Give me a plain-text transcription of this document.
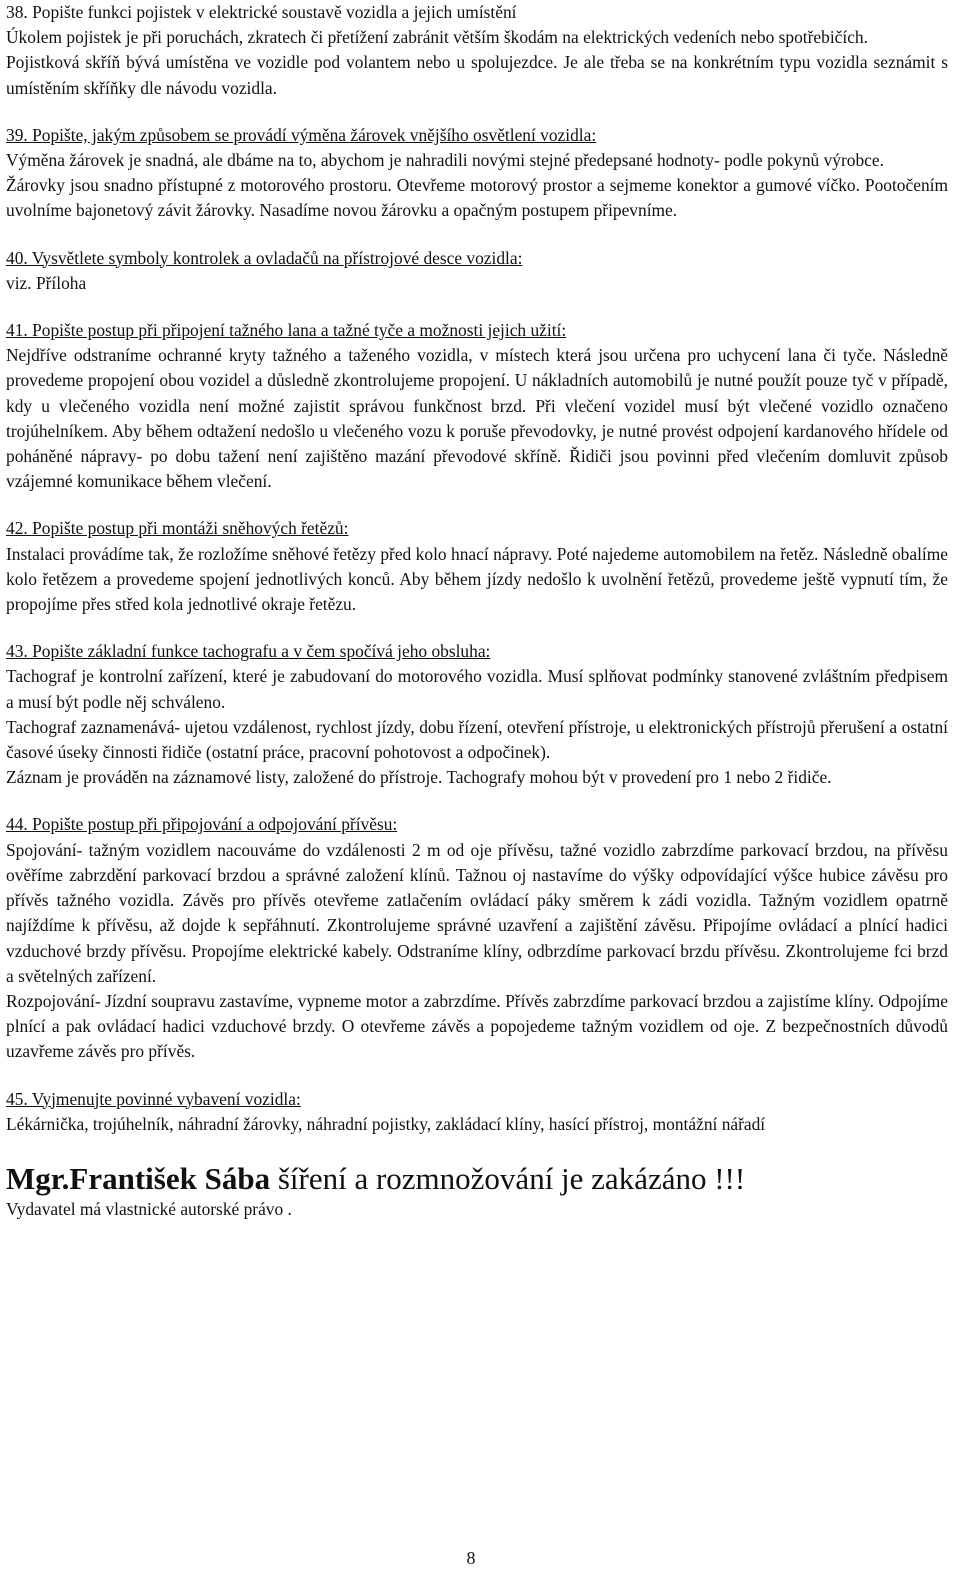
38. Popište funkci pojistek v elektrické soustavě vozidla a jejich umístění

Úkolem pojistek je při poruchách, zkratech či přetížení zabránit větším škodám na elektrických vedeních nebo spotřebičích.

Pojistková skříň bývá umístěna ve vozidle pod volantem nebo u spolujezdce. Je ale třeba se na konkrétním typu vozidla seznámit s umístěním skříňky dle návodu vozidla.

39. Popište, jakým způsobem se provádí výměna žárovek vnějšího osvětlení vozidla:

Výměna žárovek je snadná, ale dbáme na to, abychom je nahradili novými stejné předepsané hodnoty- podle pokynů výrobce.

Žárovky jsou snadno přístupné z motorového prostoru. Otevřeme motorový prostor a sejmeme konektor a gumové víčko. Pootočením uvolníme bajonetový závit žárovky. Nasadíme novou žárovku a opačným postupem připevníme.

40. Vysvětlete symboly kontrolek a ovladačů na přístrojové desce vozidla:

viz. Příloha

41. Popište postup při připojení tažného lana a tažné tyče a možnosti jejich užití:

Nejdříve odstraníme ochranné kryty tažného a taženého vozidla, v místech která jsou určena pro uchycení lana či tyče. Následně provedeme propojení obou vozidel a důsledně zkontrolujeme propojení. U nákladních automobilů je nutné použít pouze tyč v případě, kdy u vlečeného vozidla není možné zajistit správou funkčnost brzd. Při vlečení vozidel musí být vlečené vozidlo označeno trojúhelníkem. Aby během odtažení nedošlo u vlečeného vozu k poruše převodovky, je nutné provést odpojení kardanového hřídele od poháněné nápravy- po dobu tažení není zajištěno mazání převodové skříně. Řidiči jsou povinni před vlečením domluvit způsob vzájemné komunikace během vlečení.

42. Popište postup při montáži sněhových řetězů:

Instalaci provádíme tak, že rozložíme sněhové řetězy před kolo hnací nápravy. Poté najedeme automobilem na řetěz. Následně obalíme kolo řetězem a provedeme spojení jednotlivých konců. Aby během jízdy nedošlo k uvolnění řetězů, provedeme ještě vypnutí tím, že propojíme přes střed kola jednotlivé okraje řetězu.

43. Popište základní funkce tachografu a v čem spočívá jeho obsluha:

Tachograf je kontrolní zařízení, které je zabudovaní do motorového vozidla. Musí splňovat podmínky stanovené zvláštním předpisem a musí být podle něj schváleno.

Tachograf zaznamenává- ujetou vzdálenost, rychlost jízdy, dobu řízení, otevření přístroje, u elektronických přístrojů přerušení a ostatní časové úseky činnosti řidiče (ostatní práce, pracovní pohotovost a odpočinek).

Záznam je prováděn na záznamové listy, založené do přístroje. Tachografy mohou být v provedení pro 1 nebo 2 řidiče.

44. Popište postup při připojování a odpojování přívěsu:

Spojování- tažným vozidlem nacouváme do vzdálenosti 2 m od oje přívěsu, tažné vozidlo zabrzdíme parkovací brzdou, na přívěsu ověříme zabrzdění parkovací brzdou a správné založení klínů. Tažnou oj nastavíme do výšky odpovídající výšce hubice závěsu pro přívěs tažného vozidla. Závěs pro přívěs otevřeme zatlačením ovládací páky směrem k zádi vozidla. Tažným vozidlem opatrně najíždíme k přívěsu, až dojde k sepřáhnutí. Zkontrolujeme správné uzavření a zajištění závěsu. Připojíme ovládací a plnící hadici vzduchové brzdy přívěsu. Propojíme elektrické kabely. Odstraníme klíny, odbrzdíme parkovací brzdu přívěsu. Zkontrolujeme fci brzd a světelných zařízení.

Rozpojování- Jízdní soupravu zastavíme, vypneme motor a zabrzdíme. Přívěs zabrzdíme parkovací brzdou a zajistíme klíny. Odpojíme plnící a pak ovládací hadici vzduchové brzdy. O otevřeme závěs a popojedeme tažným vozidlem od oje. Z bezpečnostních důvodů uzavřeme závěs pro přívěs.

45. Vyjmenujte povinné vybavení vozidla:

Lékárnička, trojúhelník, náhradní žárovky, náhradní pojistky, zakládací klíny, hasící přístroj, montážní nářadí

Mgr.František Sába šíření a rozmnožování je zakázáno !!!
Vydavatel má vlastnické autorské právo .
8
